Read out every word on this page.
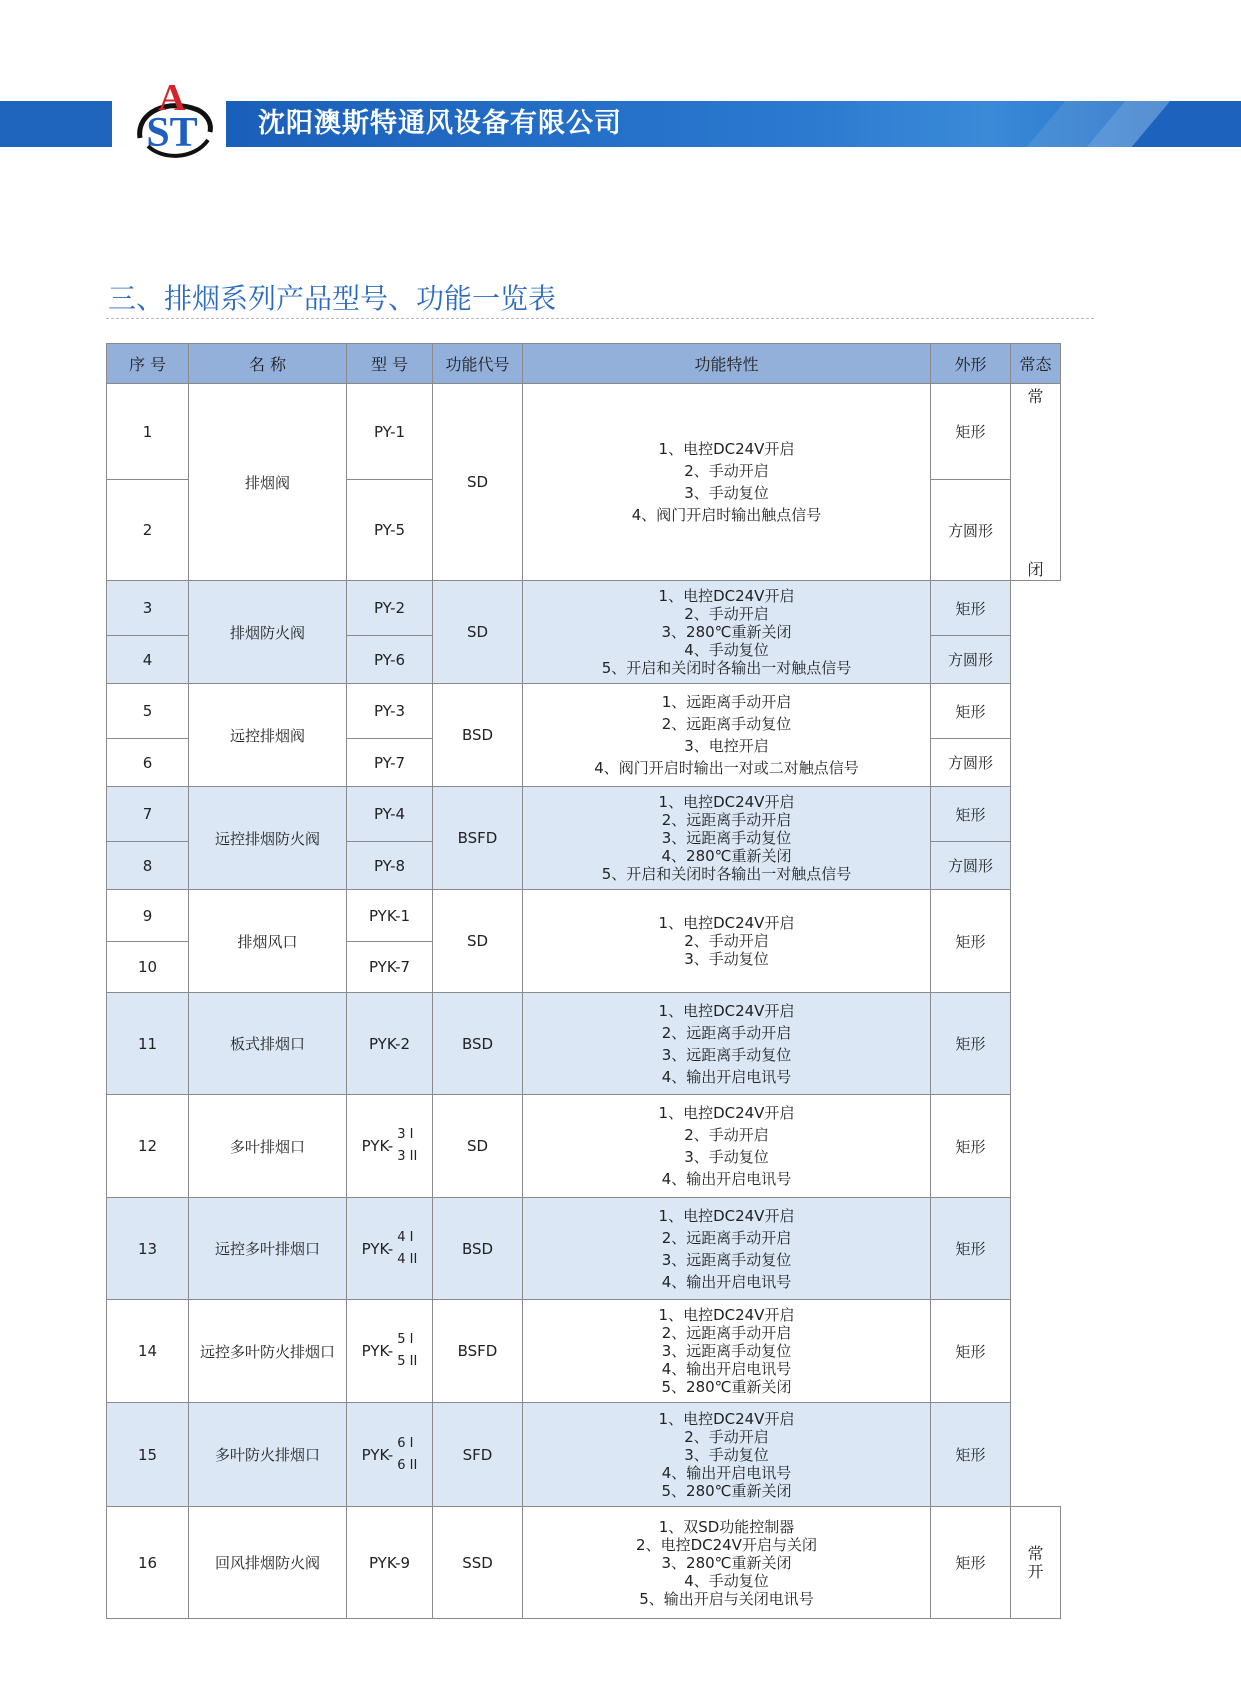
沈阳澳斯特通风设备有限公司
A
ST
三、排烟系列产品型号、功能一览表
序 号	名 称	型 号	功能代号	功能特性	外形	常态
1	排烟阀	PY-1	SD	1、电控DC24V开启
2、手动开启
3、手动复位
4、阀门开启时输出触点信号	矩形	常
闭

2		PY-5			方圆形	
3	排烟防火阀	PY-2	SD	1、电控DC24V开启
2、手动开启
3、280℃重新关闭
4、手动复位
5、开启和关闭时各输出一对触点信号	矩形	
4		PY-6			方圆形	
5	远控排烟阀	PY-3	BSD	1、远距离手动开启
2、远距离手动复位
3、电控开启
4、阀门开启时输出一对或二对触点信号	矩形	
6		PY-7			方圆形	
7	远控排烟防火阀	PY-4	BSFD	1、电控DC24V开启
2、远距离手动开启
3、远距离手动复位
4、280℃重新关闭
5、开启和关闭时各输出一对触点信号	矩形	
8		PY-8			方圆形	
9	排烟风口	PYK-1	SD	1、电控DC24V开启
2、手动开启
3、手动复位	矩形	
10		PYK-7				
11	板式排烟口	PYK-2	BSD	1、电控DC24V开启
2、远距离手动开启
3、远距离手动复位
4、输出开启电讯号	矩形	
12	多叶排烟口	PYK-
3 I
3 II	SD	1、电控DC24V开启
2、手动开启
3、手动复位
4、输出开启电讯号	矩形	
13	远控多叶排烟口	PYK-
4 I
4 II	BSD	1、电控DC24V开启
2、远距离手动开启
3、远距离手动复位
4、输出开启电讯号	矩形	
14	远控多叶防火排烟口	PYK-
5 I
5 II	BSFD	1、电控DC24V开启
2、远距离手动开启
3、远距离手动复位
4、输出开启电讯号
5、280℃重新关闭	矩形	
15	多叶防火排烟口	PYK-
6 I
6 II	SFD	1、电控DC24V开启
2、手动开启
3、手动复位
4、输出开启电讯号
5、280℃重新关闭	矩形	
16	回风排烟防火阀	PYK-9	SSD	1、双SD功能控制器
2、电控DC24V开启与关闭
3、280℃重新关闭
4、手动复位
5、输出开启与关闭电讯号	矩形	常
开
